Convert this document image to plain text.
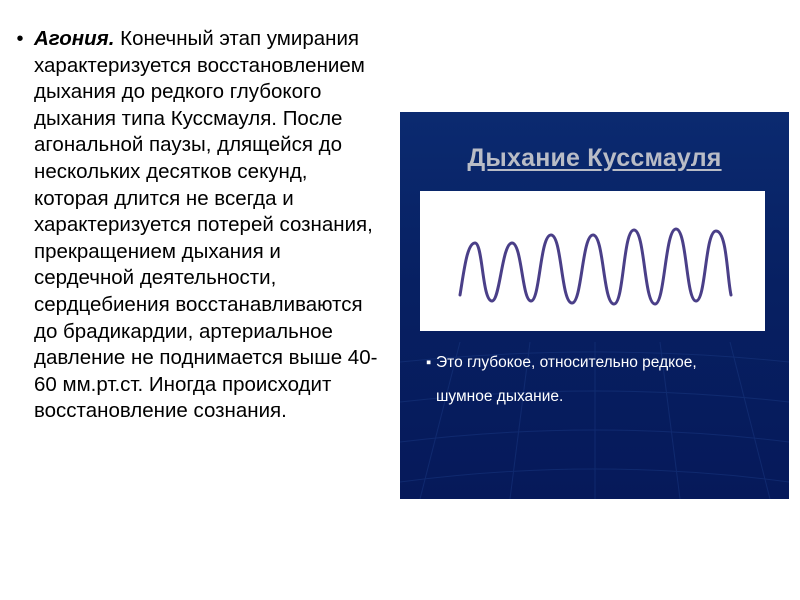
• Агония. Конечный этап умирания характеризуется восстановлением дыхания до редкого глубокого дыхания типа Куссмауля. После агональной паузы, длящейся до нескольких десятков секунд, которая длится не всегда и характеризуется потерей сознания, прекращением дыхания и сердечной деятельности, сердцебиения восстанавливаются до брадикардии, артериальное давление не поднимается выше 40-60 мм.рт.ст. Иногда происходит восстановление сознания.

Дыхание Куссмауля
▪ Это глубокое, относительно редкое,
шумное дыхание.
